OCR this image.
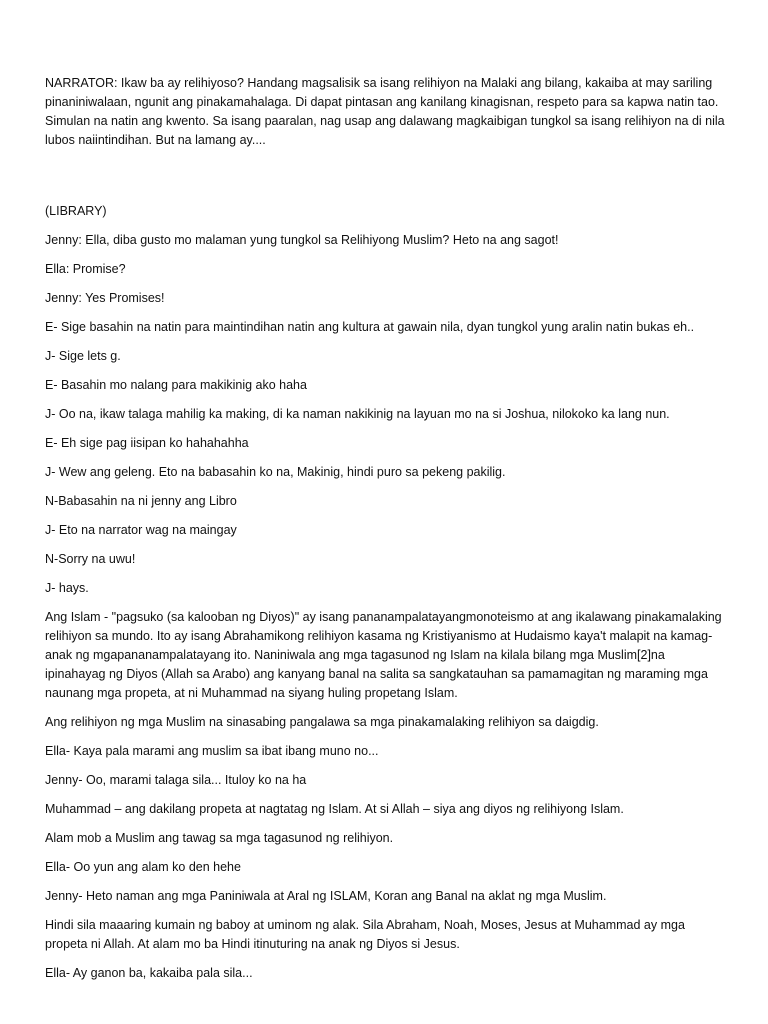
NARRATOR: Ikaw ba ay relihiyoso? Handang magsalisik sa isang relihiyon na Malaki ang bilang, kakaiba at may sariling pinaniniwalaan, ngunit ang pinakamahalaga. Di dapat pintasan ang kanilang kinagisnan, respeto para sa kapwa natin tao. Simulan na natin ang kwento. Sa isang paaralan, nag usap ang dalawang magkaibigan tungkol sa isang relihiyon na di nila lubos naiintindihan. But na lamang ay....

(LIBRARY)

Jenny: Ella, diba gusto mo malaman yung tungkol sa Relihiyong Muslim? Heto na ang sagot!

Ella: Promise?

Jenny: Yes Promises!

E- Sige basahin na natin para maintindihan natin ang kultura at gawain nila, dyan tungkol yung aralin natin bukas eh..

J- Sige lets g.

E- Basahin mo nalang para makikinig ako haha

J- Oo na, ikaw talaga mahilig ka making, di ka naman nakikinig na layuan mo na si Joshua, nilokoko ka lang nun.

E- Eh sige pag iisipan ko hahahahha

J- Wew ang geleng. Eto na babasahin ko na, Makinig, hindi puro sa pekeng pakilig.

N-Babasahin na ni jenny ang Libro

J- Eto na narrator wag na maingay

N-Sorry na uwu!

J- hays.

Ang Islam - "pagsuko (sa kalooban ng Diyos)" ay isang pananampalatayangmonoteismo at ang ikalawang pinakamalaking relihiyon sa mundo. Ito ay isang Abrahamikong relihiyon kasama ng Kristiyanismo at Hudaismo kaya't malapit na kamag-anak ng mgapananampalatayang ito. Naniniwala ang mga tagasunod ng Islam na kilala bilang mga Muslim[2]na ipinahayag ng Diyos (Allah sa Arabo) ang kanyang banal na salita sa sangkatauhan sa pamamagitan ng maraming mga naunang mga propeta, at ni Muhammad na siyang huling propetang Islam.

Ang relihiyon ng mga Muslim na sinasabing pangalawa sa mga pinakamalaking relihiyon sa daigdig.

Ella- Kaya pala marami ang muslim sa ibat ibang muno no...

Jenny- Oo, marami talaga sila... Ituloy ko na ha

Muhammad – ang dakilang propeta at nagtatag ng Islam. At si Allah – siya ang diyos ng relihiyong Islam.

Alam mob a Muslim ang tawag sa mga tagasunod ng relihiyon.

Ella- Oo yun ang alam ko den hehe

Jenny- Heto naman ang mga Paniniwala at Aral ng ISLAM, Koran ang Banal na aklat ng mga Muslim.

Hindi sila maaaring kumain ng baboy at uminom ng alak. Sila Abraham, Noah, Moses, Jesus at Muhammad ay mga propeta ni Allah. At alam mo ba Hindi itinuturing na anak ng Diyos si Jesus.

Ella- Ay ganon ba, kakaiba pala sila...
